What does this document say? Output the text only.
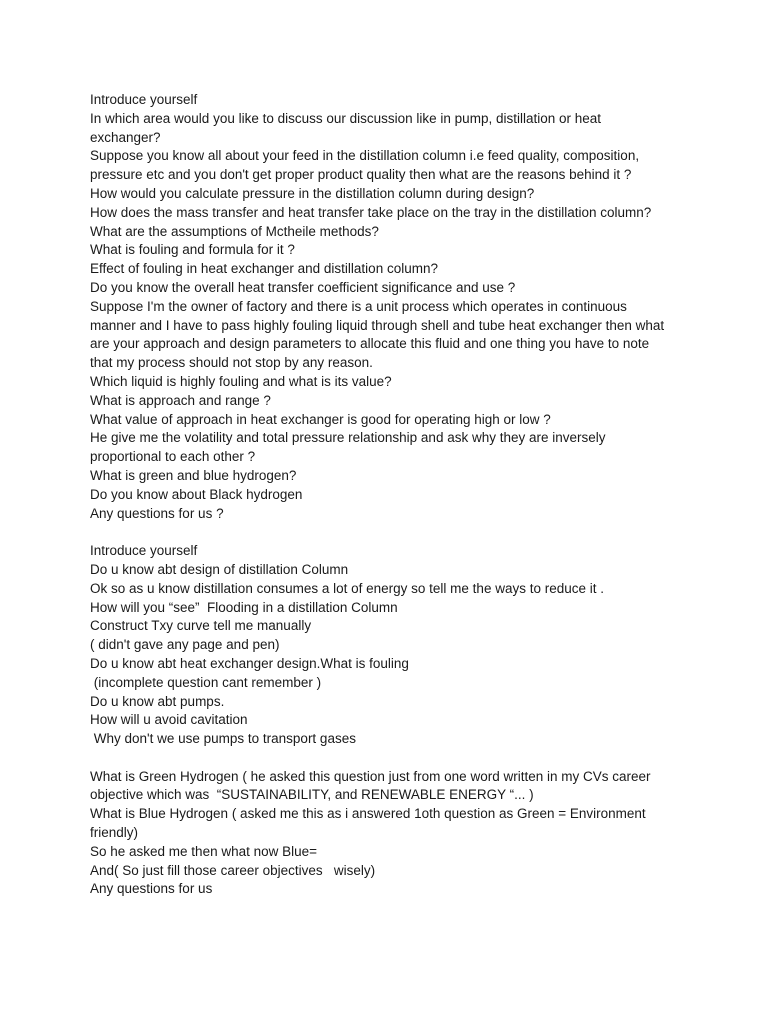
Introduce yourself

In which area would you like to discuss our discussion like in pump, distillation or heat

exchanger?

Suppose you know all about your feed in the distillation column i.e feed quality, composition,

pressure etc and you don't get proper product quality then what are the reasons behind it ?

How would you calculate pressure in the distillation column during design?

How does the mass transfer and heat transfer take place on the tray in the distillation column?

What are the assumptions of Mctheile methods?

What is fouling and formula for it ?

Effect of fouling in heat exchanger and distillation column?

Do you know the overall heat transfer coefficient significance and use ?

Suppose I'm the owner of factory and there is a unit process which operates in continuous

manner and I have to pass highly fouling liquid through shell and tube heat exchanger then what

are your approach and design parameters to allocate this fluid and one thing you have to note

that my process should not stop by any reason.

Which liquid is highly fouling and what is its value?

What is approach and range ?

What value of approach in heat exchanger is good for operating high or low ?

He give me the volatility and total pressure relationship and ask why they are inversely

proportional to each other ?

What is green and blue hydrogen?

Do you know about Black hydrogen

Any questions for us ?

Introduce yourself

Do u know abt design of distillation Column

Ok so as u know distillation consumes a lot of energy so tell me the ways to reduce it .

How will you “see”  Flooding in a distillation Column

Construct Txy curve tell me manually

( didn't gave any page and pen)

Do u know abt heat exchanger design.What is fouling

(incomplete question cant remember )

Do u know abt pumps.

How will u avoid cavitation

Why don't we use pumps to transport gases

What is Green Hydrogen ( he asked this question just from one word written in my CVs career

objective which was  “SUSTAINABILITY, and RENEWABLE ENERGY “... )

What is Blue Hydrogen ( asked me this as i answered 1oth question as Green = Environment

friendly)

So he asked me then what now Blue=

And( So just fill those career objectives   wisely)

Any questions for us
